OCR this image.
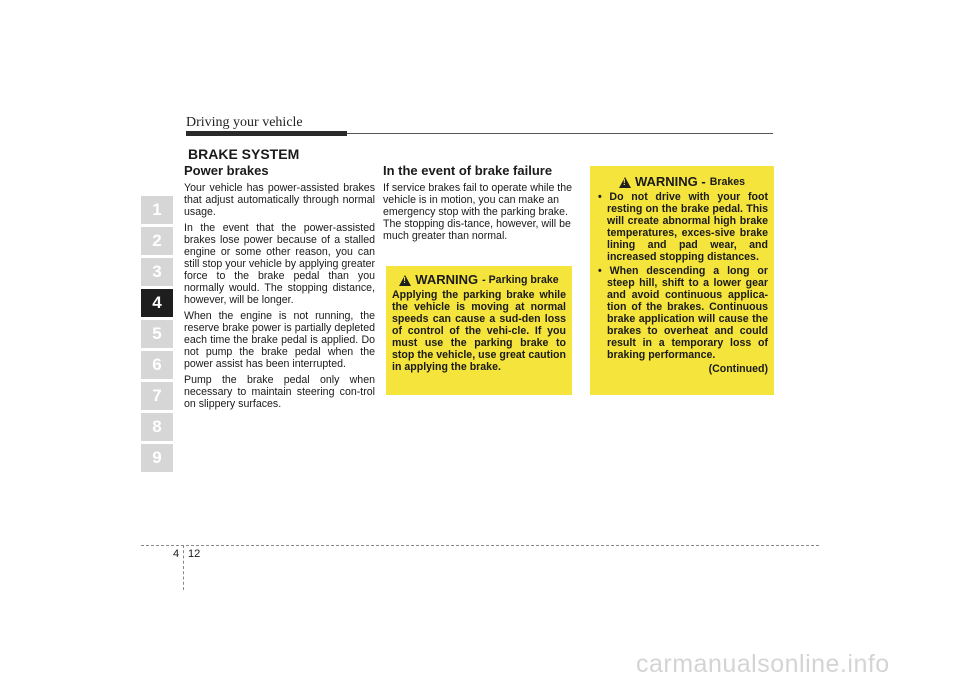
Driving your vehicle
BRAKE SYSTEM
1
2
3
4
5
6
7
8
9
Power brakes

Your vehicle has power-assisted brakes that adjust automatically through normal usage.

In the event that the power-assisted brakes lose power because of a stalled engine or some other reason, you can still stop your vehicle by applying greater force to the brake pedal than you normally would. The stopping distance, however, will be longer.

When the engine is not running, the reserve brake power is partially depleted each time the brake pedal is applied. Do not pump the brake pedal when the power assist has been interrupted.

Pump the brake pedal only when necessary to maintain steering con-trol on slippery surfaces.

In the event of brake failure

If service brakes fail to operate while the vehicle is in motion, you can make an emergency stop with the parking brake. The stopping dis-tance, however, will be much greater than normal.

!
WARNING - Parking brake
Applying the parking brake while the vehicle is moving at normal speeds can cause a sud-den loss of control of the vehi-cle. If you must use the parking brake to stop the vehicle, use great caution in applying the brake.
!
WARNING - Brakes
• Do not drive with your foot resting on the brake pedal. This will create abnormal high brake temperatures, exces-sive brake lining and pad wear, and increased stopping distances.
• When descending a long or steep hill, shift to a lower gear and avoid continuous applica-tion of the brakes. Continuous brake application will cause the brakes to overheat and could result in a temporary loss of braking performance.
(Continued)
4 12
carmanualsonline.info
